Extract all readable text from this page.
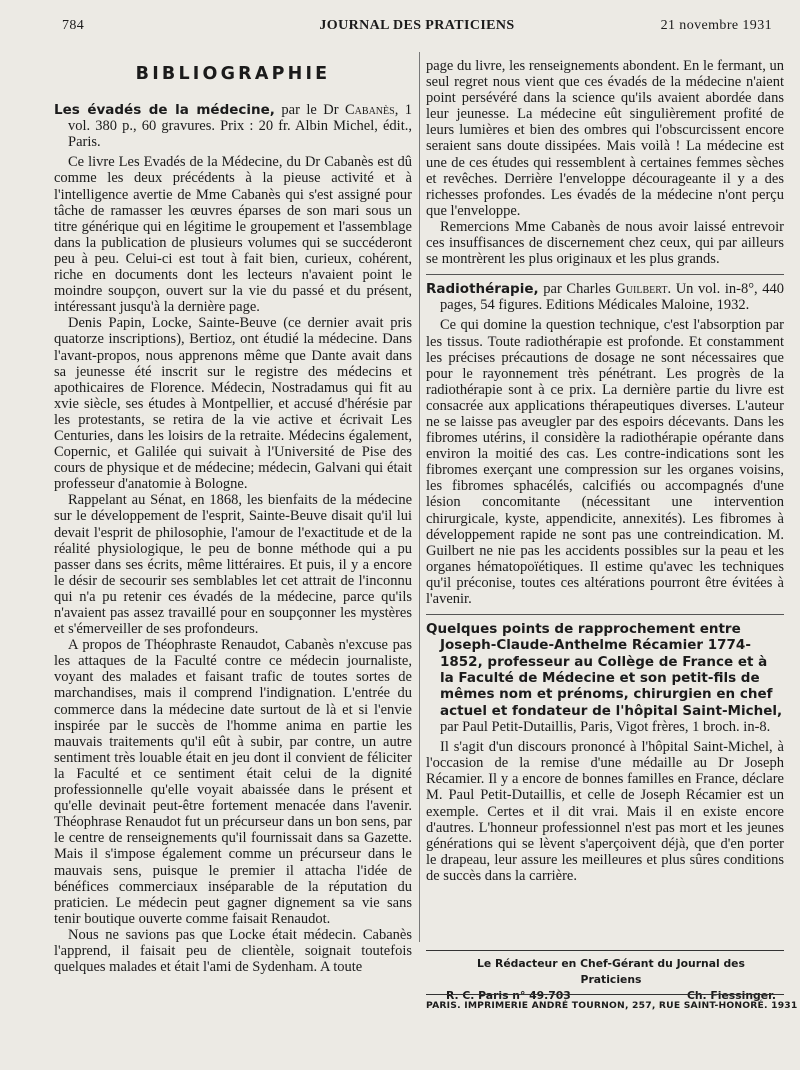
784	JOURNAL DES PRATICIENS	21 novembre 1931
BIBLIOGRAPHIE
Les évadés de la médecine, par le Dr Cabanès, 1 vol. 380 p., 60 gravures. Prix : 20 fr. Albin Michel, édit., Paris.

Ce livre Les Evadés de la Médecine, du Dr Cabanès est dû comme les deux précédents à la pieuse activité et à l'intelligence avertie de Mme Cabanès qui s'est assigné pour tâche de ramasser les œuvres éparses de son mari sous un titre générique qui en légitime le groupement et l'assemblage dans la publication de plusieurs volumes qui se succéderont peu à peu. Celui-ci est tout à fait bien, curieux, cohérent, riche en documents dont les lecteurs n'avaient point le moindre soupçon, ouvert sur la vie du passé et du présent, intéressant jusqu'à la dernière page.

Denis Papin, Locke, Sainte-Beuve (ce dernier avait pris quatorze inscriptions), Bertioz, ont étudié la médecine. Dans l'avant-propos, nous apprenons même que Dante avait dans sa jeunesse été inscrit sur le registre des médecins et apothicaires de Florence. Médecin, Nostradamus qui fit au xvie siècle, ses études à Montpellier, et accusé d'hérésie par les protestants, se retira de la vie active et écrivait Les Centuries, dans les loisirs de la retraite. Médecins également, Copernic, et Galilée qui suivait à l'Université de Pise des cours de physique et de médecine; médecin, Galvani qui était professeur d'anatomie à Bologne.

Rappelant au Sénat, en 1868, les bienfaits de la médecine sur le développement de l'esprit, Sainte-Beuve disait qu'il lui devait l'esprit de philosophie, l'amour de l'exactitude et de la réalité physiologique, le peu de bonne méthode qui a pu passer dans ses écrits, même littéraires. Et puis, il y a encore le désir de secourir ses semblables let cet attrait de l'inconnu qui n'a pu retenir ces évadés de la médecine, parce qu'ils n'avaient pas assez travaillé pour en soupçonner les mystères et s'émerveiller de ses profondeurs.

A propos de Théophraste Renaudot, Cabanès n'excuse pas les attaques de la Faculté contre ce médecin journaliste, voyant des malades et faisant trafic de toutes sortes de marchandises, mais il comprend l'indignation. L'entrée du commerce dans la médecine date surtout de là et si l'envie inspirée par le succès de l'homme anima en partie les mauvais traitements qu'il eût à subir, par contre, un autre sentiment très louable était en jeu dont il convient de féliciter la Faculté et ce sentiment était celui de la dignité professionnelle qu'elle voyait abaissée dans le présent et qu'elle devinait peut-être fortement menacée dans l'avenir. Théophrase Renaudot fut un précurseur dans un bon sens, par le centre de renseignements qu'il fournissait dans sa Gazette. Mais il s'impose également comme un précurseur dans le mauvais sens, puisque le premier il attacha l'idée de bénéfices commerciaux inséparable de la réputation du praticien. Le médecin peut gagner dignement sa vie sans tenir boutique ouverte comme faisait Renaudot.

Nous ne savions pas que Locke était médecin. Cabanès l'apprend, il faisait peu de clientèle, soignait toutefois quelques malades et était l'ami de Sydenham. A toute

page du livre, les renseignements abondent. En le fermant, un seul regret nous vient que ces évadés de la médecine n'aient point persévéré dans la science qu'ils avaient abordée dans leur jeunesse. La médecine eût singulièrement profité de leurs lumières et bien des ombres qui l'obscurcissent encore seraient sans doute dissipées. Mais voilà ! La médecine est une de ces études qui ressemblent à certaines femmes sèches et revêches. Derrière l'enveloppe décourageante il y a des richesses profondes. Les évadés de la médecine n'ont perçu que l'enveloppe.

Remercions Mme Cabanès de nous avoir laissé entrevoir ces insuffisances de discernement chez ceux, qui par ailleurs se montrèrent les plus originaux et les plus grands.

Radiothérapie, par Charles Guilbert. Un vol. in-8°, 440 pages, 54 figures. Editions Médicales Maloine, 1932.

Ce qui domine la question technique, c'est l'absorption par les tissus. Toute radiothérapie est profonde. Et constamment les précises précautions de dosage ne sont nécessaires que pour le rayonnement très pénétrant. Les progrès de la radiothérapie sont à ce prix. La dernière partie du livre est consacrée aux applications thérapeutiques diverses. L'auteur ne se laisse pas aveugler par des espoirs décevants. Dans les fibromes utérins, il considère la radiothérapie opérante dans environ la moitié des cas. Les contre-indications sont les fibromes exerçant une compression sur les organes voisins, les fibromes sphacélés, calcifiés ou accompagnés d'une lésion concomitante (nécessitant une intervention chirurgicale, kyste, appendicite, annexités). Les fibromes à développement rapide ne sont pas une contreindication. M. Guilbert ne nie pas les accidents possibles sur la peau et les organes hématopoïétiques. Il estime qu'avec les techniques qu'il préconise, toutes ces altérations pourront être évitées à l'avenir.

Quelques points de rapprochement entre Joseph-Claude-Anthelme Récamier 1774-1852, professeur au Collège de France et à la Faculté de Médecine et son petit-fils de mêmes nom et prénoms, chirurgien en chef actuel et fondateur de l'hôpital Saint-Michel, par Paul Petit-Dutaillis, Paris, Vigot frères, 1 broch. in-8.

Il s'agit d'un discours prononcé à l'hôpital Saint-Michel, à l'occasion de la remise d'une médaille au Dr Joseph Récamier. Il y a encore de bonnes familles en France, déclare M. Paul Petit-Dutaillis, et celle de Joseph Récamier est un exemple. Certes et il dit vrai. Mais il en existe encore d'autres. L'honneur professionnel n'est pas mort et les jeunes générations qui se lèvent s'aperçoivent déjà, que d'en porter le drapeau, leur assure les meilleures et plus sûres conditions de succès dans la carrière.

Le Rédacteur en Chef-Gérant du Journal des Praticiens
R. C. Paris n° 49.703	Ch. Fiessinger.
PARIS. IMPRIMERIE ANDRÉ TOURNON, 257, RUE SAINT-HONORÉ. 1931
